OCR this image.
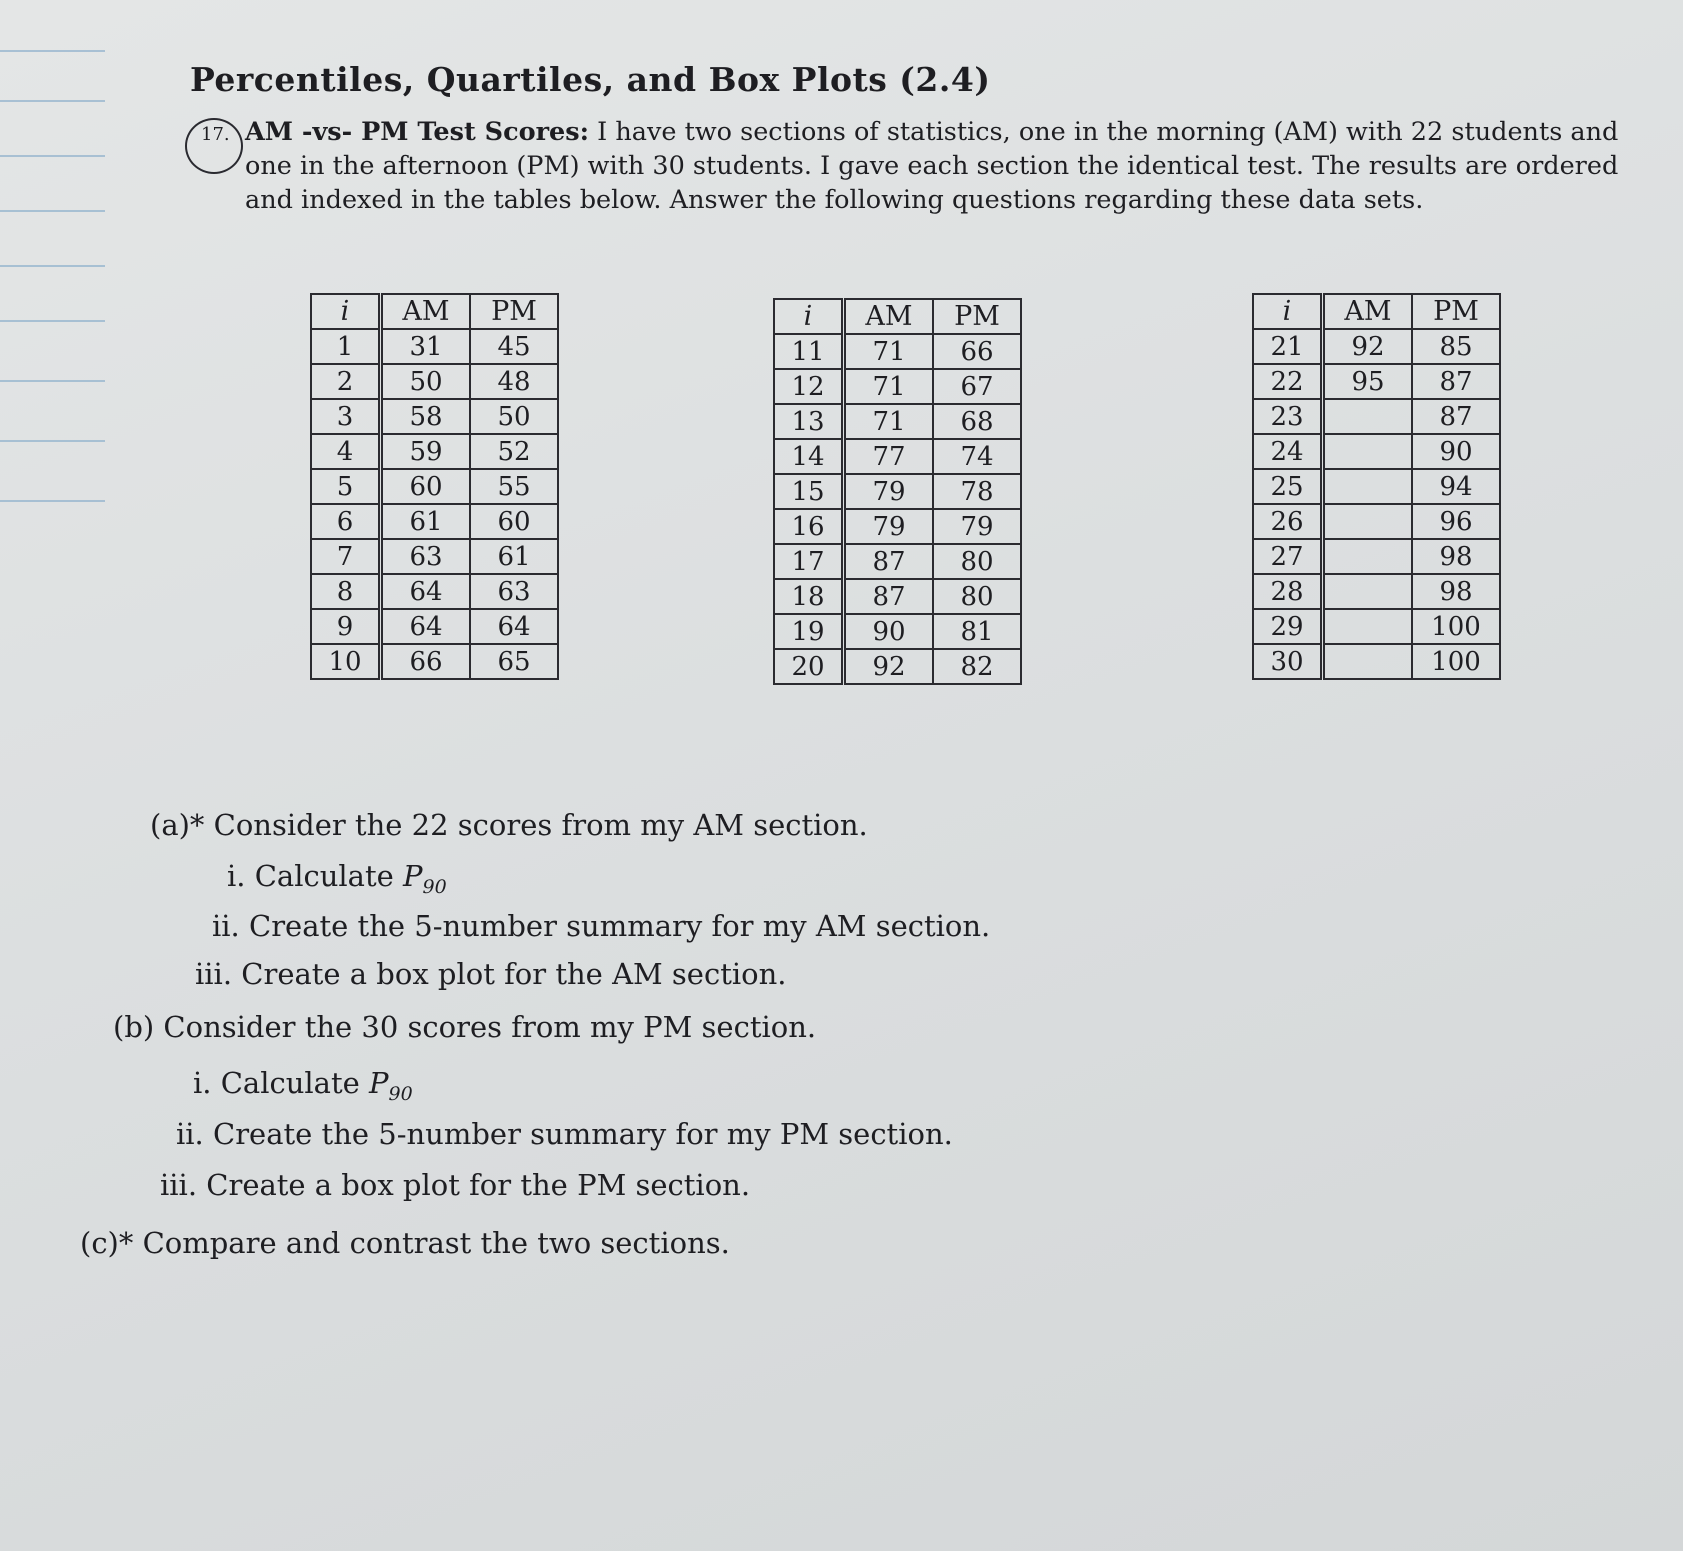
Percentiles, Quartiles, and Box Plots (2.4)
17. AM -vs- PM Test Scores: I have two sections of statistics, one in the morning (AM) with 22 students and one in the afternoon (PM) with 30 students. I gave each section the identical test. The results are ordered and indexed in the tables below. Answer the following questions regarding these data sets.

i	AM	PM
1	31	45
2	50	48
3	58	50
4	59	52
5	60	55
6	61	60
7	63	61
8	64	63
9	64	64
10	66	65
i	AM	PM
11	71	66
12	71	67
13	71	68
14	77	74
15	79	78
16	79	79
17	87	80
18	87	80
19	90	81
20	92	82
i	AM	PM
21	92	85
22	95	87
23		87
24		90
25		94
26		96
27		98
28		98
29		100
30		100
(a)* Consider the 22 scores from my AM section.
i. Calculate $P_{90}$
ii. Create the 5-number summary for my AM section.
iii. Create a box plot for the AM section.
(b) Consider the 30 scores from my PM section.
i. Calculate $P_{90}$
ii. Create the 5-number summary for my PM section.
iii. Create a box plot for the PM section.
(c)* Compare and contrast the two sections.
